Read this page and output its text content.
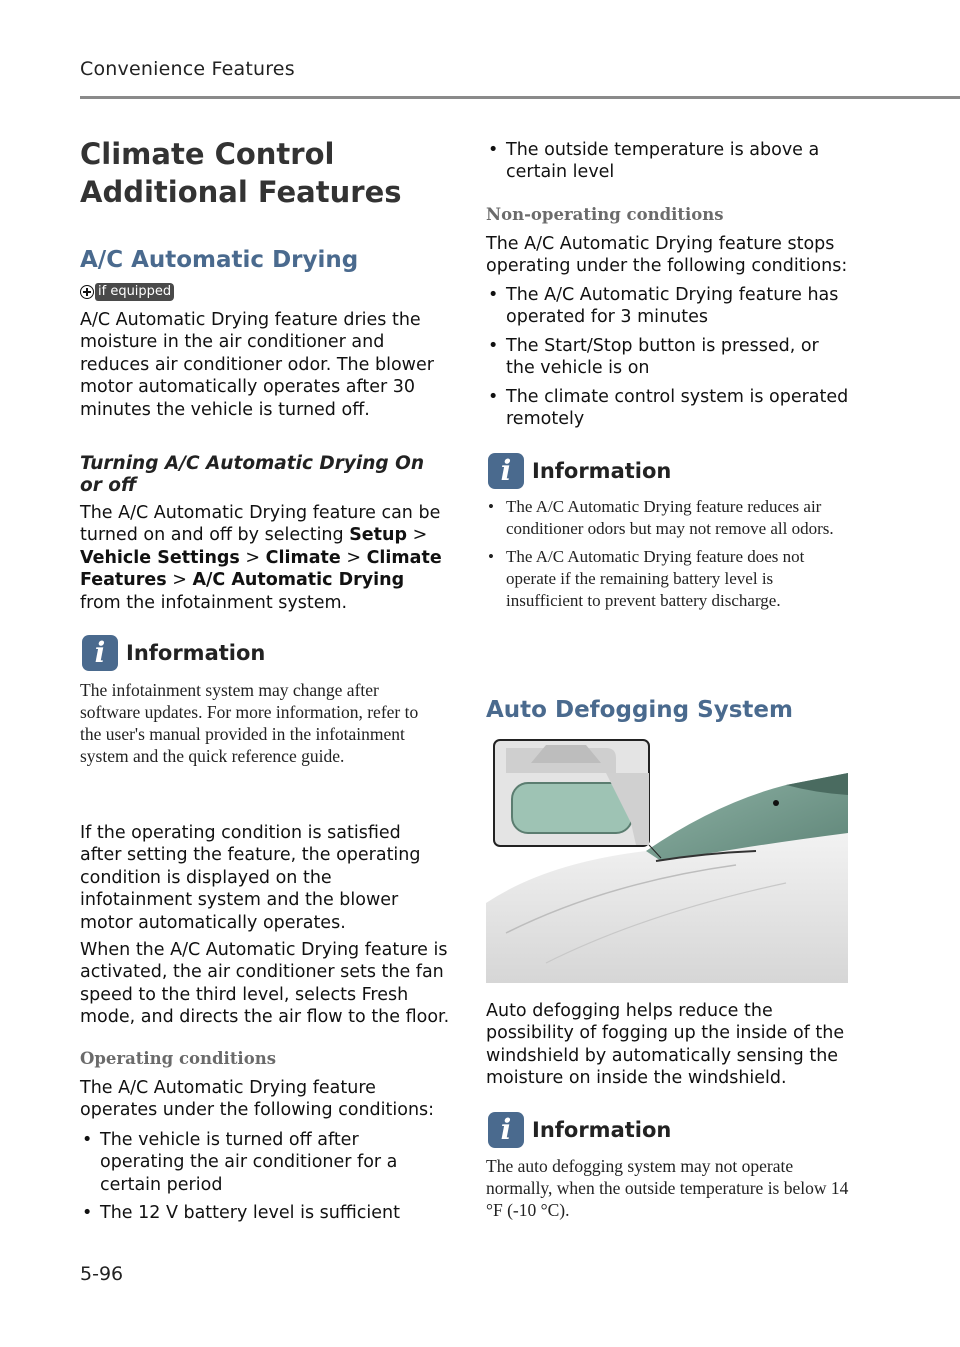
Convenience Features
Climate Control
Additional Features
A/C Automatic Drying
if equipped

A/C Automatic Drying feature dries the moisture in the air conditioner and reduces air conditioner odor. The blower motor automatically operates after 30 minutes the vehicle is turned off.

Turning A/C Automatic Drying On or off

The A/C Automatic Drying feature can be turned on and off by selecting Setup > Vehicle Settings > Climate > Climate Features > A/C Automatic Drying from the infotainment system.

i Information

The infotainment system may change after software updates. For more information, refer to the user's manual provided in the infotainment system and the quick reference guide.

If the operating condition is satisfied after setting the feature, the operating condition is displayed on the infotainment system and the blower motor automatically operates.

When the A/C Automatic Drying feature is activated, the air conditioner sets the fan speed to the third level, selects Fresh mode, and directs the air flow to the floor.

Operating conditions

The A/C Automatic Drying feature operates under the following conditions:

• The vehicle is turned off after operating the air conditioner for a certain period
• The 12 V battery level is sufficient
• The outside temperature is above a certain level
Non-operating conditions

The A/C Automatic Drying feature stops operating under the following conditions:

• The A/C Automatic Drying feature has operated for 3 minutes
• The Start/Stop button is pressed, or the vehicle is on
• The climate control system is operated remotely
i Information
• The A/C Automatic Drying feature reduces air conditioner odors but may not remove all odors.
• The A/C Automatic Drying feature does not operate if the remaining battery level is insufficient to prevent battery discharge.
Auto Defogging System

Auto defogging helps reduce the possibility of fogging up the inside of the windshield by automatically sensing the moisture on inside the windshield.

i Information

The auto defogging system may not operate normally, when the outside temperature is below 14 °F (-10 °C).

5-96
